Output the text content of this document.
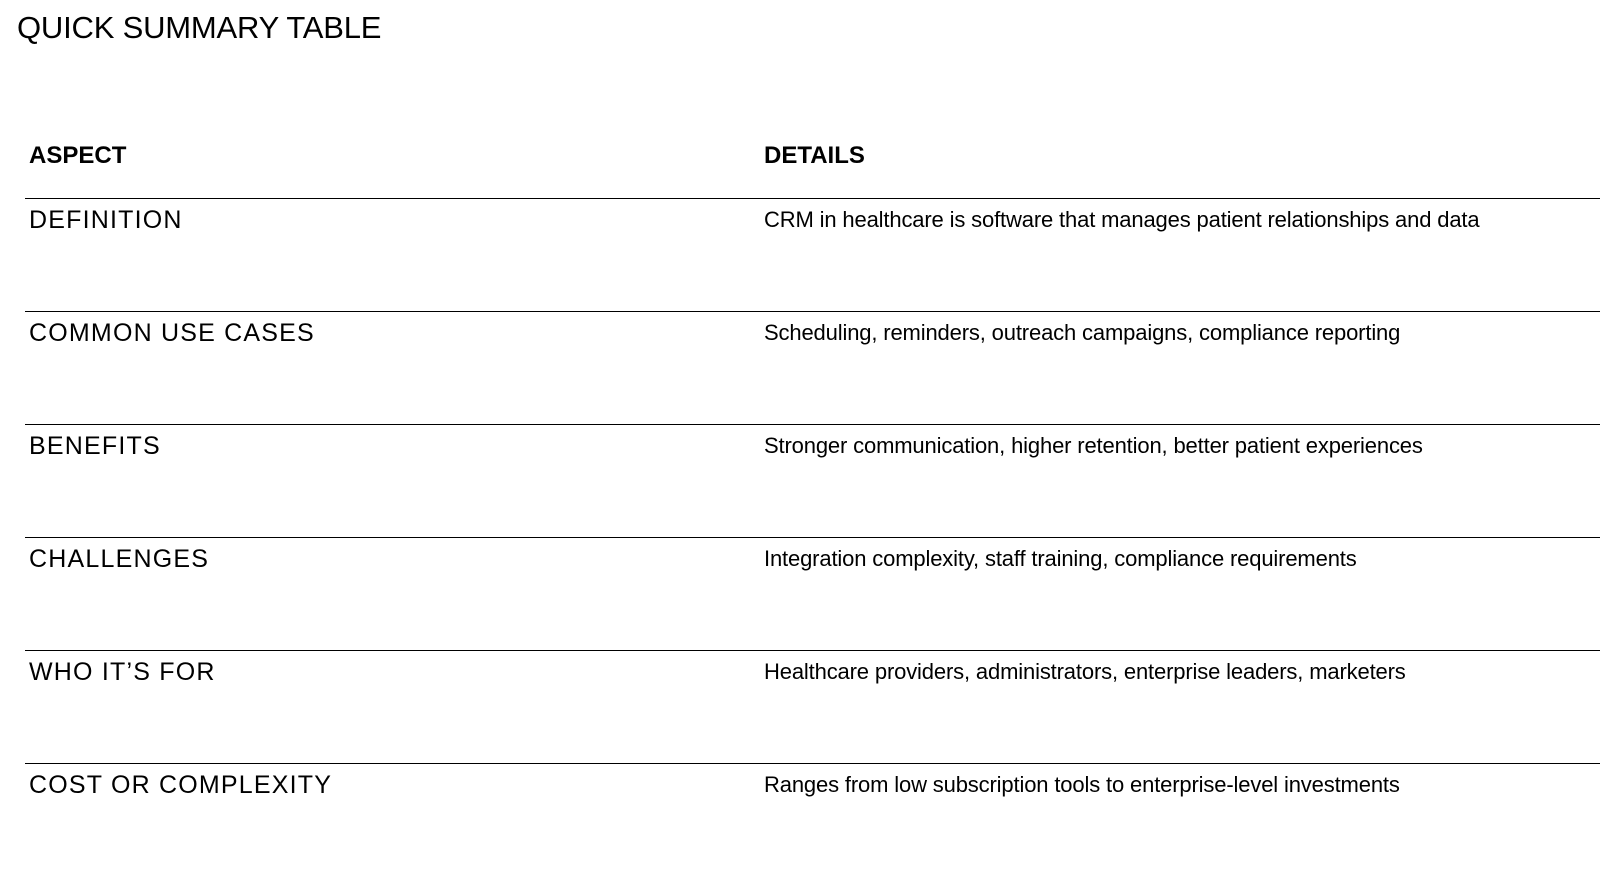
QUICK SUMMARY TABLE
ASPECT	DETAILS
DEFINITION	CRM in healthcare is software that manages patient relationships and data
COMMON USE CASES	Scheduling, reminders, outreach campaigns, compliance reporting
BENEFITS	Stronger communication, higher retention, better patient experiences
CHALLENGES	Integration complexity, staff training, compliance requirements
WHO IT’S FOR	Healthcare providers, administrators, enterprise leaders, marketers
COST OR COMPLEXITY	Ranges from low subscription tools to enterprise-level investments
